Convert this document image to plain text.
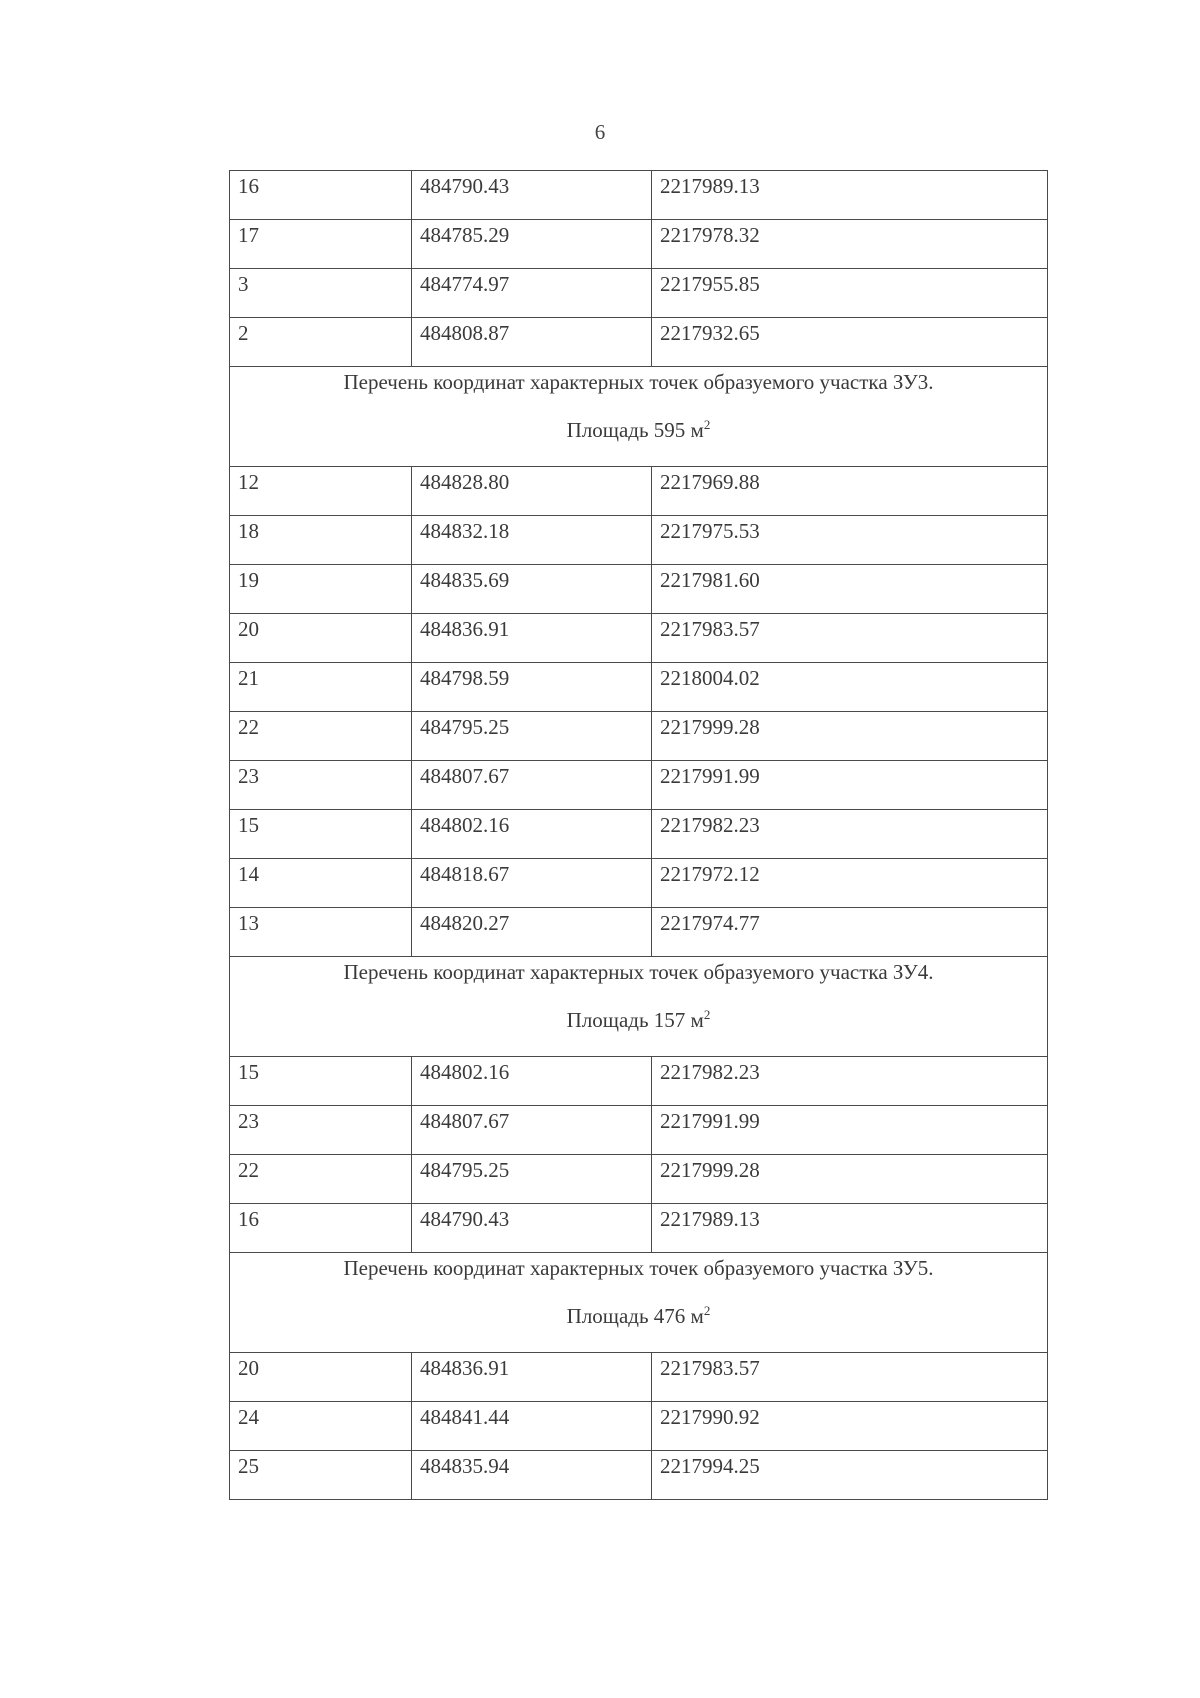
6
16	484790.43	2217989.13
17	484785.29	2217978.32
3	484774.97	2217955.85
2	484808.87	2217932.65

Перечень координат характерных точек образуемого участка ЗУ3.
Площадь 595 $м^2$

12	484828.80	2217969.88
18	484832.18	2217975.53
19	484835.69	2217981.60
20	484836.91	2217983.57
21	484798.59	2218004.02
22	484795.25	2217999.28
23	484807.67	2217991.99
15	484802.16	2217982.23
14	484818.67	2217972.12
13	484820.27	2217974.77

Перечень координат характерных точек образуемого участка ЗУ4.
Площадь 157 $м^2$

15	484802.16	2217982.23
23	484807.67	2217991.99
22	484795.25	2217999.28
16	484790.43	2217989.13

Перечень координат характерных точек образуемого участка ЗУ5.
Площадь 476 $м^2$

20	484836.91	2217983.57
24	484841.44	2217990.92
25	484835.94	2217994.25
